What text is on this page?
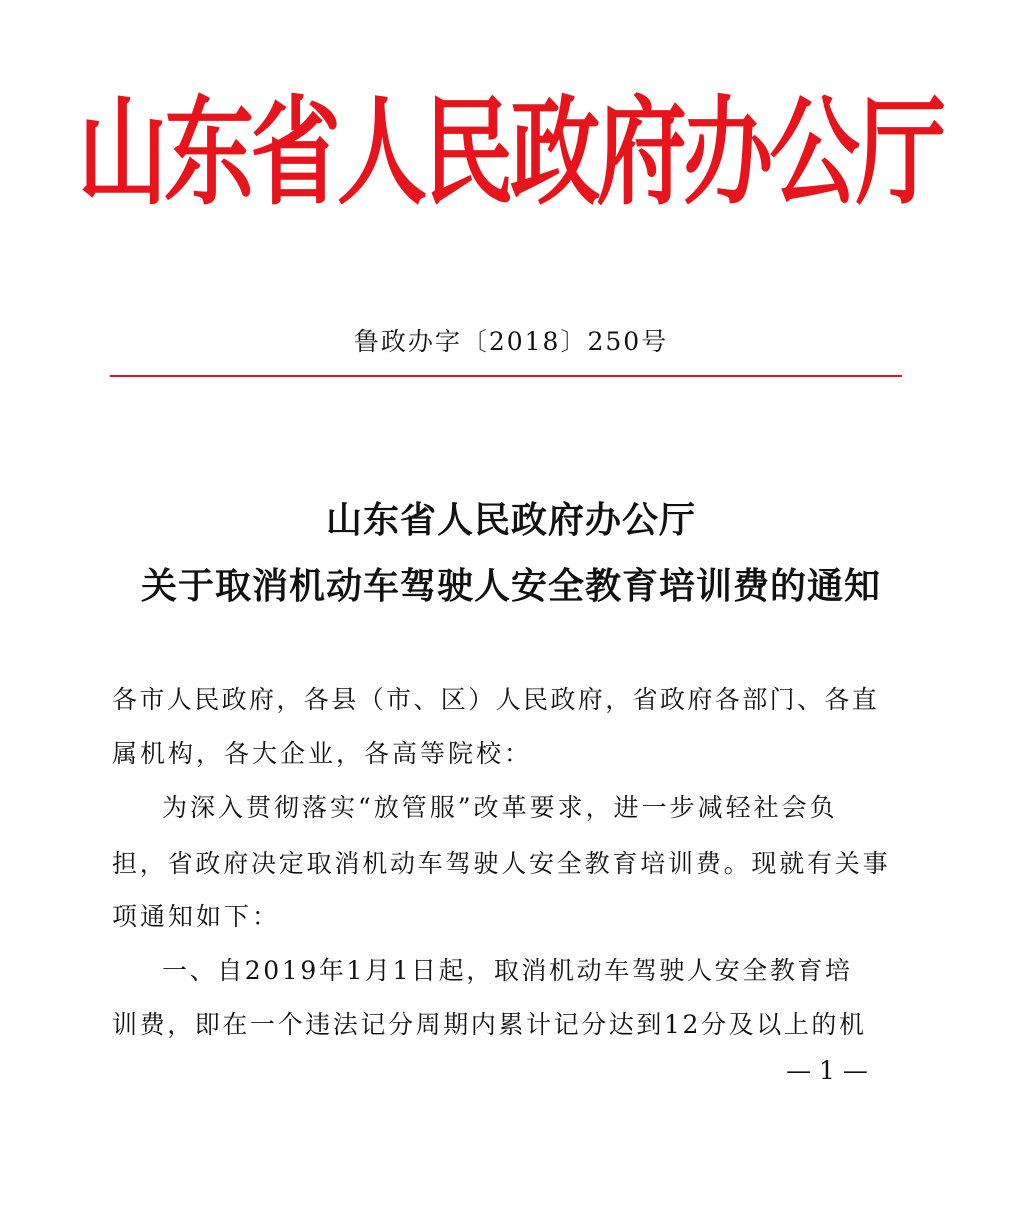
山东省人民政府办公厅
鲁政办字〔2018〕250号
山东省人民政府办公厅
关于取消机动车驾驶人安全教育培训费的通知
各市人民政府，各县（市、区）人民政府，省政府各部门、各直
属机构，各大企业，各高等院校：
为深入贯彻落实“放管服”改革要求，进一步减轻社会负
担，省政府决定取消机动车驾驶人安全教育培训费。现就有关事
项通知如下：
一、自2019年1月1日起，取消机动车驾驶人安全教育培
训费，即在一个违法记分周期内累计记分达到12分及以上的机
— 1 —
